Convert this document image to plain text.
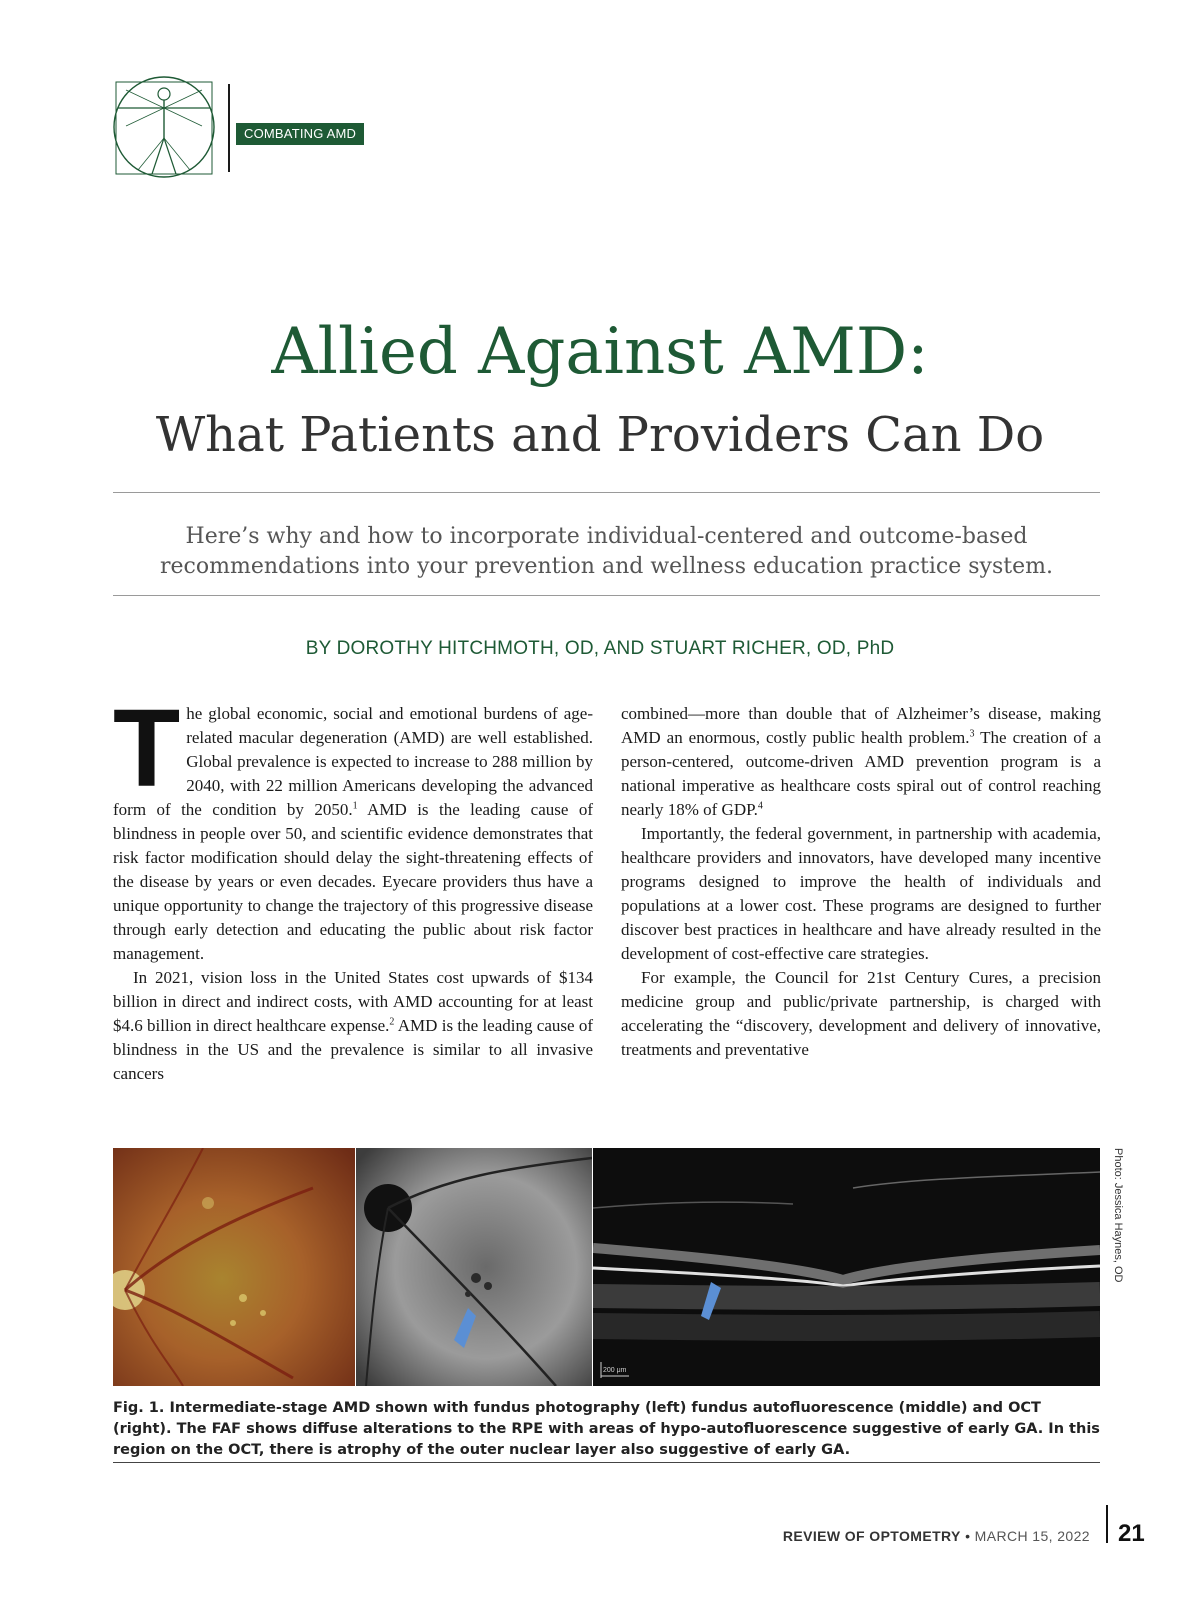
COMBATING AMD
Allied Against AMD:
What Patients and Providers Can Do

Here’s why and how to incorporate individual-centered and outcome-based recommendations into your prevention and wellness education practice system.

BY DOROTHY HITCHMOTH, OD, AND STUART RICHER, OD, PhD

The global economic, social and emotional burdens of age-related macular degeneration (AMD) are well established. Global prevalence is expected to increase to 288 million by 2040, with 22 million Americans developing the advanced form of the condition by 2050.$^1$ AMD is the leading cause of blindness in people over 50, and scientific evidence demonstrates that risk factor modification should delay the sight-threatening effects of the disease by years or even decades. Eyecare providers thus have a unique opportunity to change the trajectory of this progressive disease through early detection and educating the public about risk factor management.

In 2021, vision loss in the United States cost upwards of $134 billion in direct and indirect costs, with AMD accounting for at least $4.6 billion in direct healthcare expense.$^2$ AMD is the leading cause of blindness in the US and the prevalence is similar to all invasive cancers

combined—more than double that of Alzheimer’s disease, making AMD an enormous, costly public health problem.$^3$ The creation of a person-centered, outcome-driven AMD prevention program is a national imperative as healthcare costs spiral out of control reaching nearly 18% of GDP.$^4$

Importantly, the federal government, in partnership with academia, healthcare providers and innovators, have developed many incentive programs designed to improve the health of individuals and populations at a lower cost. These programs are designed to further discover best practices in healthcare and have already resulted in the development of cost-effective care strategies.

For example, the Council for 21st Century Cures, a precision medicine group and public/private partnership, is charged with accelerating the “discovery, development and delivery of innovative, treatments and preventative

200 μm
Photo: Jessica Haynes, OD

Fig. 1. Intermediate-stage AMD shown with fundus photography (left) fundus autofluorescence (middle) and OCT (right). The FAF shows diffuse alterations to the RPE with areas of hypo-autofluorescence suggestive of early GA. In this region on the OCT, there is atrophy of the outer nuclear layer also suggestive of early GA.

REVIEW OF OPTOMETRY • MARCH 15, 2022 21
